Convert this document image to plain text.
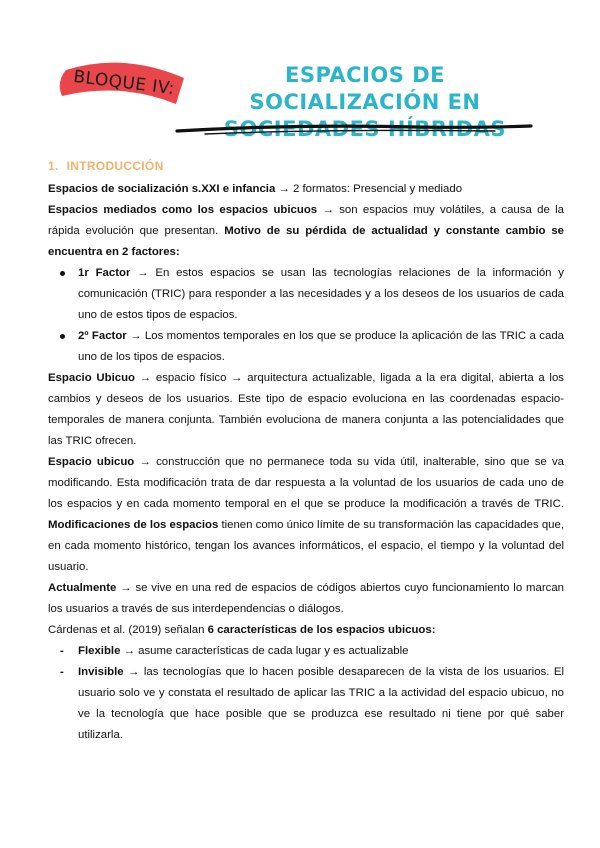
BLOQUE IV:	ESPACIOS DE SOCIALIZACIÓN EN
SOCIEDADES HÍBRIDAS
1. INTRODUCCIÓN

Espacios de socialización s.XXI e infancia → 2 formatos: Presencial y mediado

Espacios mediados como los espacios ubicuos → son espacios muy volátiles, a causa de la rápida evolución que presentan. Motivo de su pérdida de actualidad y constante cambio se encuentra en 2 factores:

1r Factor → En estos espacios se usan las tecnologías relaciones de la información y comunicación (TRIC) para responder a las necesidades y a los deseos de los usuarios de cada uno de estos tipos de espacios.
2º Factor → Los momentos temporales en los que se produce la aplicación de las TRIC a cada uno de los tipos de espacios.

Espacio Ubicuo → espacio físico → arquitectura actualizable, ligada a la era digital, abierta a los cambios y deseos de los usuarios. Este tipo de espacio evoluciona en las coordenadas espacio-temporales de manera conjunta. También evoluciona de manera conjunta a las potencialidades que las TRIC ofrecen.

Espacio ubicuo → construcción que no permanece toda su vida útil, inalterable, sino que se va modificando. Esta modificación trata de dar respuesta a la voluntad de los usuarios de cada uno de los espacios y en cada momento temporal en el que se produce la modificación a través de TRIC. Modificaciones de los espacios tienen como único límite de su transformación las capacidades que, en cada momento histórico, tengan los avances informáticos, el espacio, el tiempo y la voluntad del usuario.

Actualmente → se vive en una red de espacios de códigos abiertos cuyo funcionamiento lo marcan los usuarios a través de sus interdependencias o diálogos.

Cárdenas et al. (2019) señalan 6 características de los espacios ubicuos:

- Flexible → asume características de cada lugar y es actualizable
- Invisible → las tecnologías que lo hacen posible desaparecen de la vista de los usuarios. El usuario solo ve y constata el resultado de aplicar las TRIC a la actividad del espacio ubicuo, no ve la tecnología que hace posible que se produzca ese resultado ni tiene por qué saber utilizarla.
